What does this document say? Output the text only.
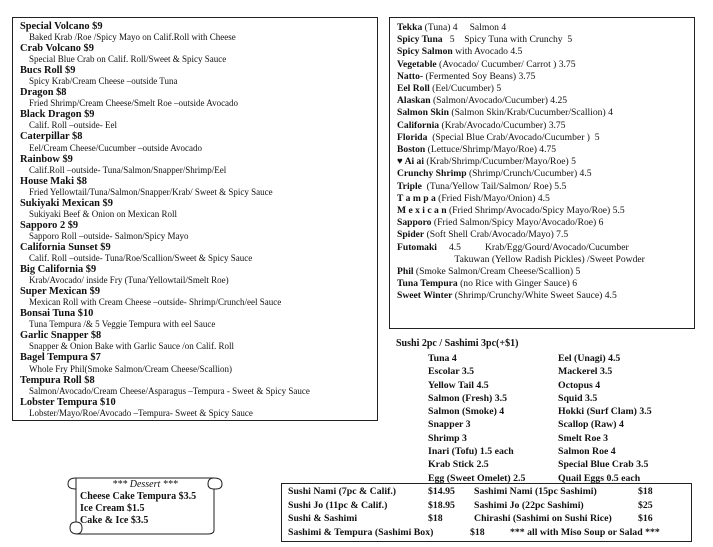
Special Volcano $9
Baked Krab /Roe /Spicy Mayo on Calif.Roll with Cheese
Crab Volcano $9
Special Blue Crab on Calif. Roll/Sweet & Spicy Sauce
Bucs Roll $9
Spicy Krab/Cream Cheese –outside Tuna
Dragon $8
Fried Shrimp/Cream Cheese/Smelt Roe –outside Avocado
Black Dragon $9
Calif. Roll –outside- Eel
Caterpillar $8
Eel/Cream Cheese/Cucumber –outside Avocado
Rainbow $9
Calif.Roll –outside- Tuna/Salmon/Snapper/Shrimp/Eel
House Maki $8
Fried Yellowtail/Tuna/Salmon/Snapper/Krab/ Sweet & Spicy Sauce
Sukiyaki Mexican $9
Sukiyaki Beef & Onion on Mexican Roll
Sapporo 2 $9
Sapporo Roll –outside- Salmon/Spicy Mayo
California Sunset $9
Calif. Roll –outside- Tuna/Roe/Scallion/Sweet & Spicy Sauce
Big California $9
Krab/Avocado/ inside Fry (Tuna/Yellowtail/Smelt Roe)
Super Mexican $9
Mexican Roll with Cream Cheese –outside- Shrimp/Crunch/eel Sauce
Bonsai Tuna $10
Tuna Tempura /& 5 Veggie Tempura with eel Sauce
Garlic Snapper $8
Snapper & Onion Bake with Garlic Sauce /on Calif. Roll
Bagel Tempura $7
Whole Fry Phil(Smoke Salmon/Cream Cheese/Scallion)
Tempura Roll $8
Salmon/Avocado/Cream Cheese/Asparagus –Tempura - Sweet & Spicy Sauce
Lobster Tempura $10
Lobster/Mayo/Roe/Avocado –Tempura- Sweet & Spicy Sauce
Tekka (Tuna) 4     Salmon 4
Spicy Tuna   5    Spicy Tuna with Crunchy  5
Spicy Salmon with Avocado 4.5
Vegetable (Avocado/ Cucumber/ Carrot ) 3.75
Natto- (Fermented Soy Beans) 3.75
Eel Roll (Eel/Cucumber) 5
Alaskan (Salmon/Avocado/Cucumber) 4.25
Salmon Skin (Salmon Skin/Krab/Cucumber/Scallion) 4
California (Krab/Avocado/Cucumber) 3.75
Florida  (Special Blue Crab/Avocado/Cucumber )  5
Boston (Lettuce/Shrimp/Mayo/Roe) 4.75
♥ Ai ai (Krab/Shrimp/Cucumber/Mayo/Roe) 5
Crunchy Shrimp (Shrimp/Crunch/Cucumber) 4.5
Triple  (Tuna/Yellow Tail/Salmon/ Roe) 5.5
T a m p a (Fried Fish/Mayo/Onion) 4.5
M e x i c a n (Fried Shrimp/Avocado/Spicy Mayo/Roe) 5.5
Sapporo (Fried Salmon/Spicy Mayo/Avocado/Roe) 6
Spider (Soft Shell Crab/Avocado/Mayo) 7.5
Futomaki     4.5          Krab/Egg/Gourd/Avocado/Cucumber
Takuwan (Yellow Radish Pickles) /Sweet Powder
Phil (Smoke Salmon/Cream Cheese/Scallion) 5
Tuna Tempura (no Rice with Ginger Sauce) 6
Sweet Winter (Shrimp/Crunchy/White Sweet Sauce) 4.5
Sushi 2pc / Sashimi 3pc(+$1)
Tuna 4
Escolar 3.5
Yellow Tail 4.5
Salmon (Fresh) 3.5
Salmon (Smoke) 4
Snapper 3
Shrimp 3
Inari (Tofu) 1.5 each
Krab Stick 2.5
Egg (Sweet Omelet) 2.5
Eel (Unagi) 4.5
Mackerel 3.5
Octopus 4
Squid 3.5
Hokki (Surf Clam) 3.5
Scallop (Raw) 4
Smelt Roe 3
Salmon Roe 4
Special Blue Crab 3.5
Quail Eggs 0.5 each
*** Dessert ***
Cheese Cake Tempura $3.5
Ice Cream $1.5
Cake & Ice $3.5
Sushi Nami (7pc & Calif.)	$14.95 Sashimi Nami (15pc Sashimi)	$18
Sushi Jo (11pc & Calif.)	$18.95 Sashimi Jo (22pc Sashimi)	$25
Sushi & Sashimi	$18	Chirashi (Sashimi on Sushi Rice)	$16
Sashimi & Tempura (Sashimi Box)	$18	*** all with Miso Soup or Salad ***
